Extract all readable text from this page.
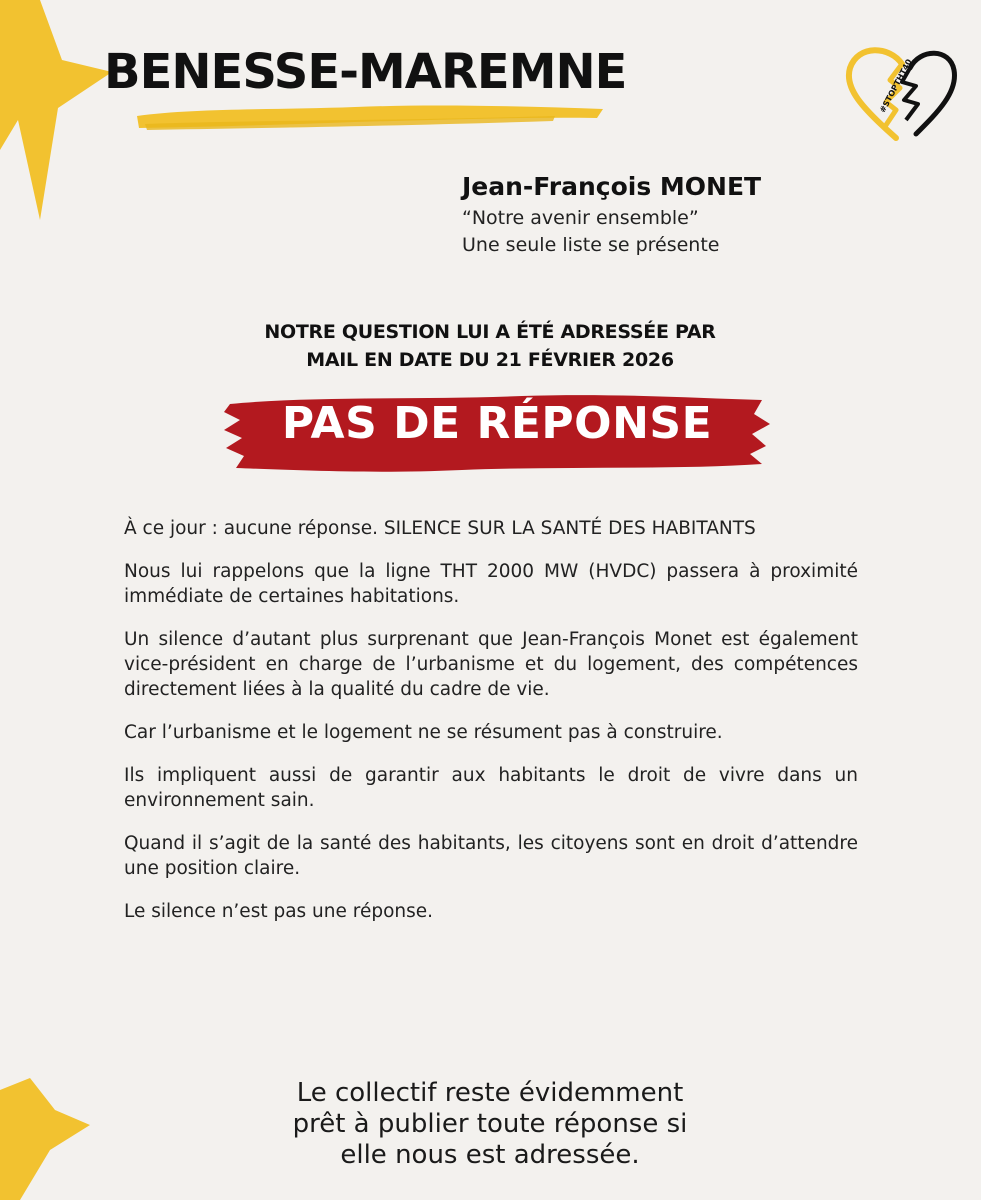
BENESSE-MAREMNE	#STOPTHT40
Jean-François MONET
“Notre avenir ensemble”
Une seule liste se présente
NOTRE QUESTION LUI A ÉTÉ ADRESSÉE PAR
MAIL EN DATE DU 21 FÉVRIER 2026
PAS DE RÉPONSE

À ce jour : aucune réponse. SILENCE SUR LA SANTÉ DES HABITANTS

Nous lui rappelons que la ligne THT 2000 MW (HVDC) passera à proximité immédiate de certaines habitations.

Un silence d’autant plus surprenant que Jean-François Monet est également vice-président en charge de l’urbanisme et du logement, des compétences directement liées à la qualité du cadre de vie.

Car l’urbanisme et le logement ne se résument pas à construire.

Ils impliquent aussi de garantir aux habitants le droit de vivre dans un environnement sain.

Quand il s’agit de la santé des habitants, les citoyens sont en droit d’attendre une position claire.

Le silence n’est pas une réponse.

Le collectif reste évidemment
prêt à publier toute réponse si
elle nous est adressée.
